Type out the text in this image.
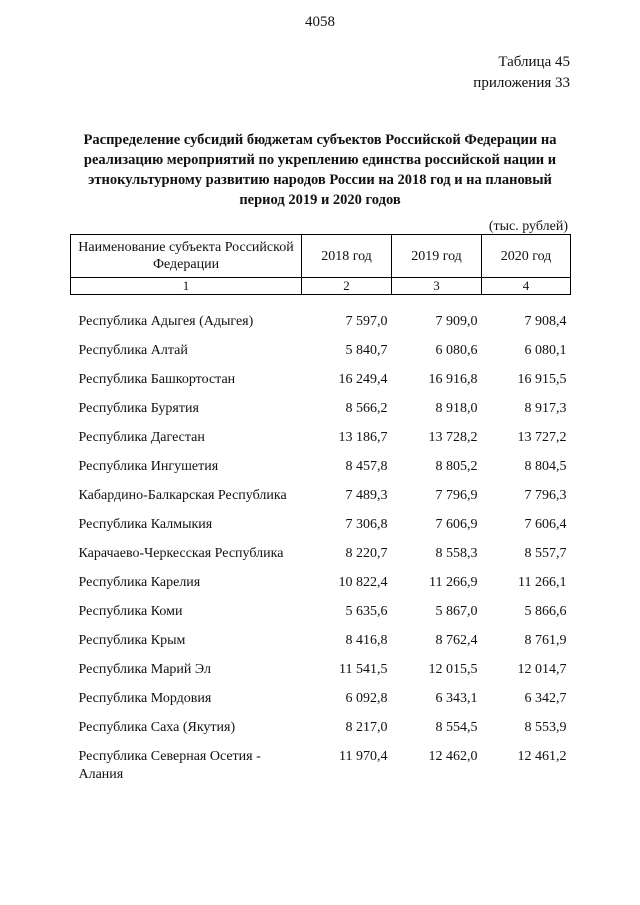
4058
Таблица 45
приложения 33
Распределение субсидий бюджетам субъектов Российской Федерации на реализацию мероприятий по укреплению единства российской нации и этнокультурному развитию народов России на 2018 год и на плановый период 2019 и 2020 годов
(тыс. рублей)
Наименование субъекта Российской Федерации	2018 год	2019 год	2020 год
1	2	3	4
Республика Адыгея (Адыгея)	7 597,0	7 909,0	7 908,4
Республика Алтай	5 840,7	6 080,6	6 080,1
Республика Башкортостан	16 249,4	16 916,8	16 915,5
Республика Бурятия	8 566,2	8 918,0	8 917,3
Республика Дагестан	13 186,7	13 728,2	13 727,2
Республика Ингушетия	8 457,8	8 805,2	8 804,5
Кабардино-Балкарская Республика	7 489,3	7 796,9	7 796,3
Республика Калмыкия	7 306,8	7 606,9	7 606,4
Карачаево-Черкесская Республика	8 220,7	8 558,3	8 557,7
Республика Карелия	10 822,4	11 266,9	11 266,1
Республика Коми	5 635,6	5 867,0	5 866,6
Республика Крым	8 416,8	8 762,4	8 761,9
Республика Марий Эл	11 541,5	12 015,5	12 014,7
Республика Мордовия	6 092,8	6 343,1	6 342,7
Республика Саха (Якутия)	8 217,0	8 554,5	8 553,9
Республика Северная Осетия - Алания	11 970,4	12 462,0	12 461,2
